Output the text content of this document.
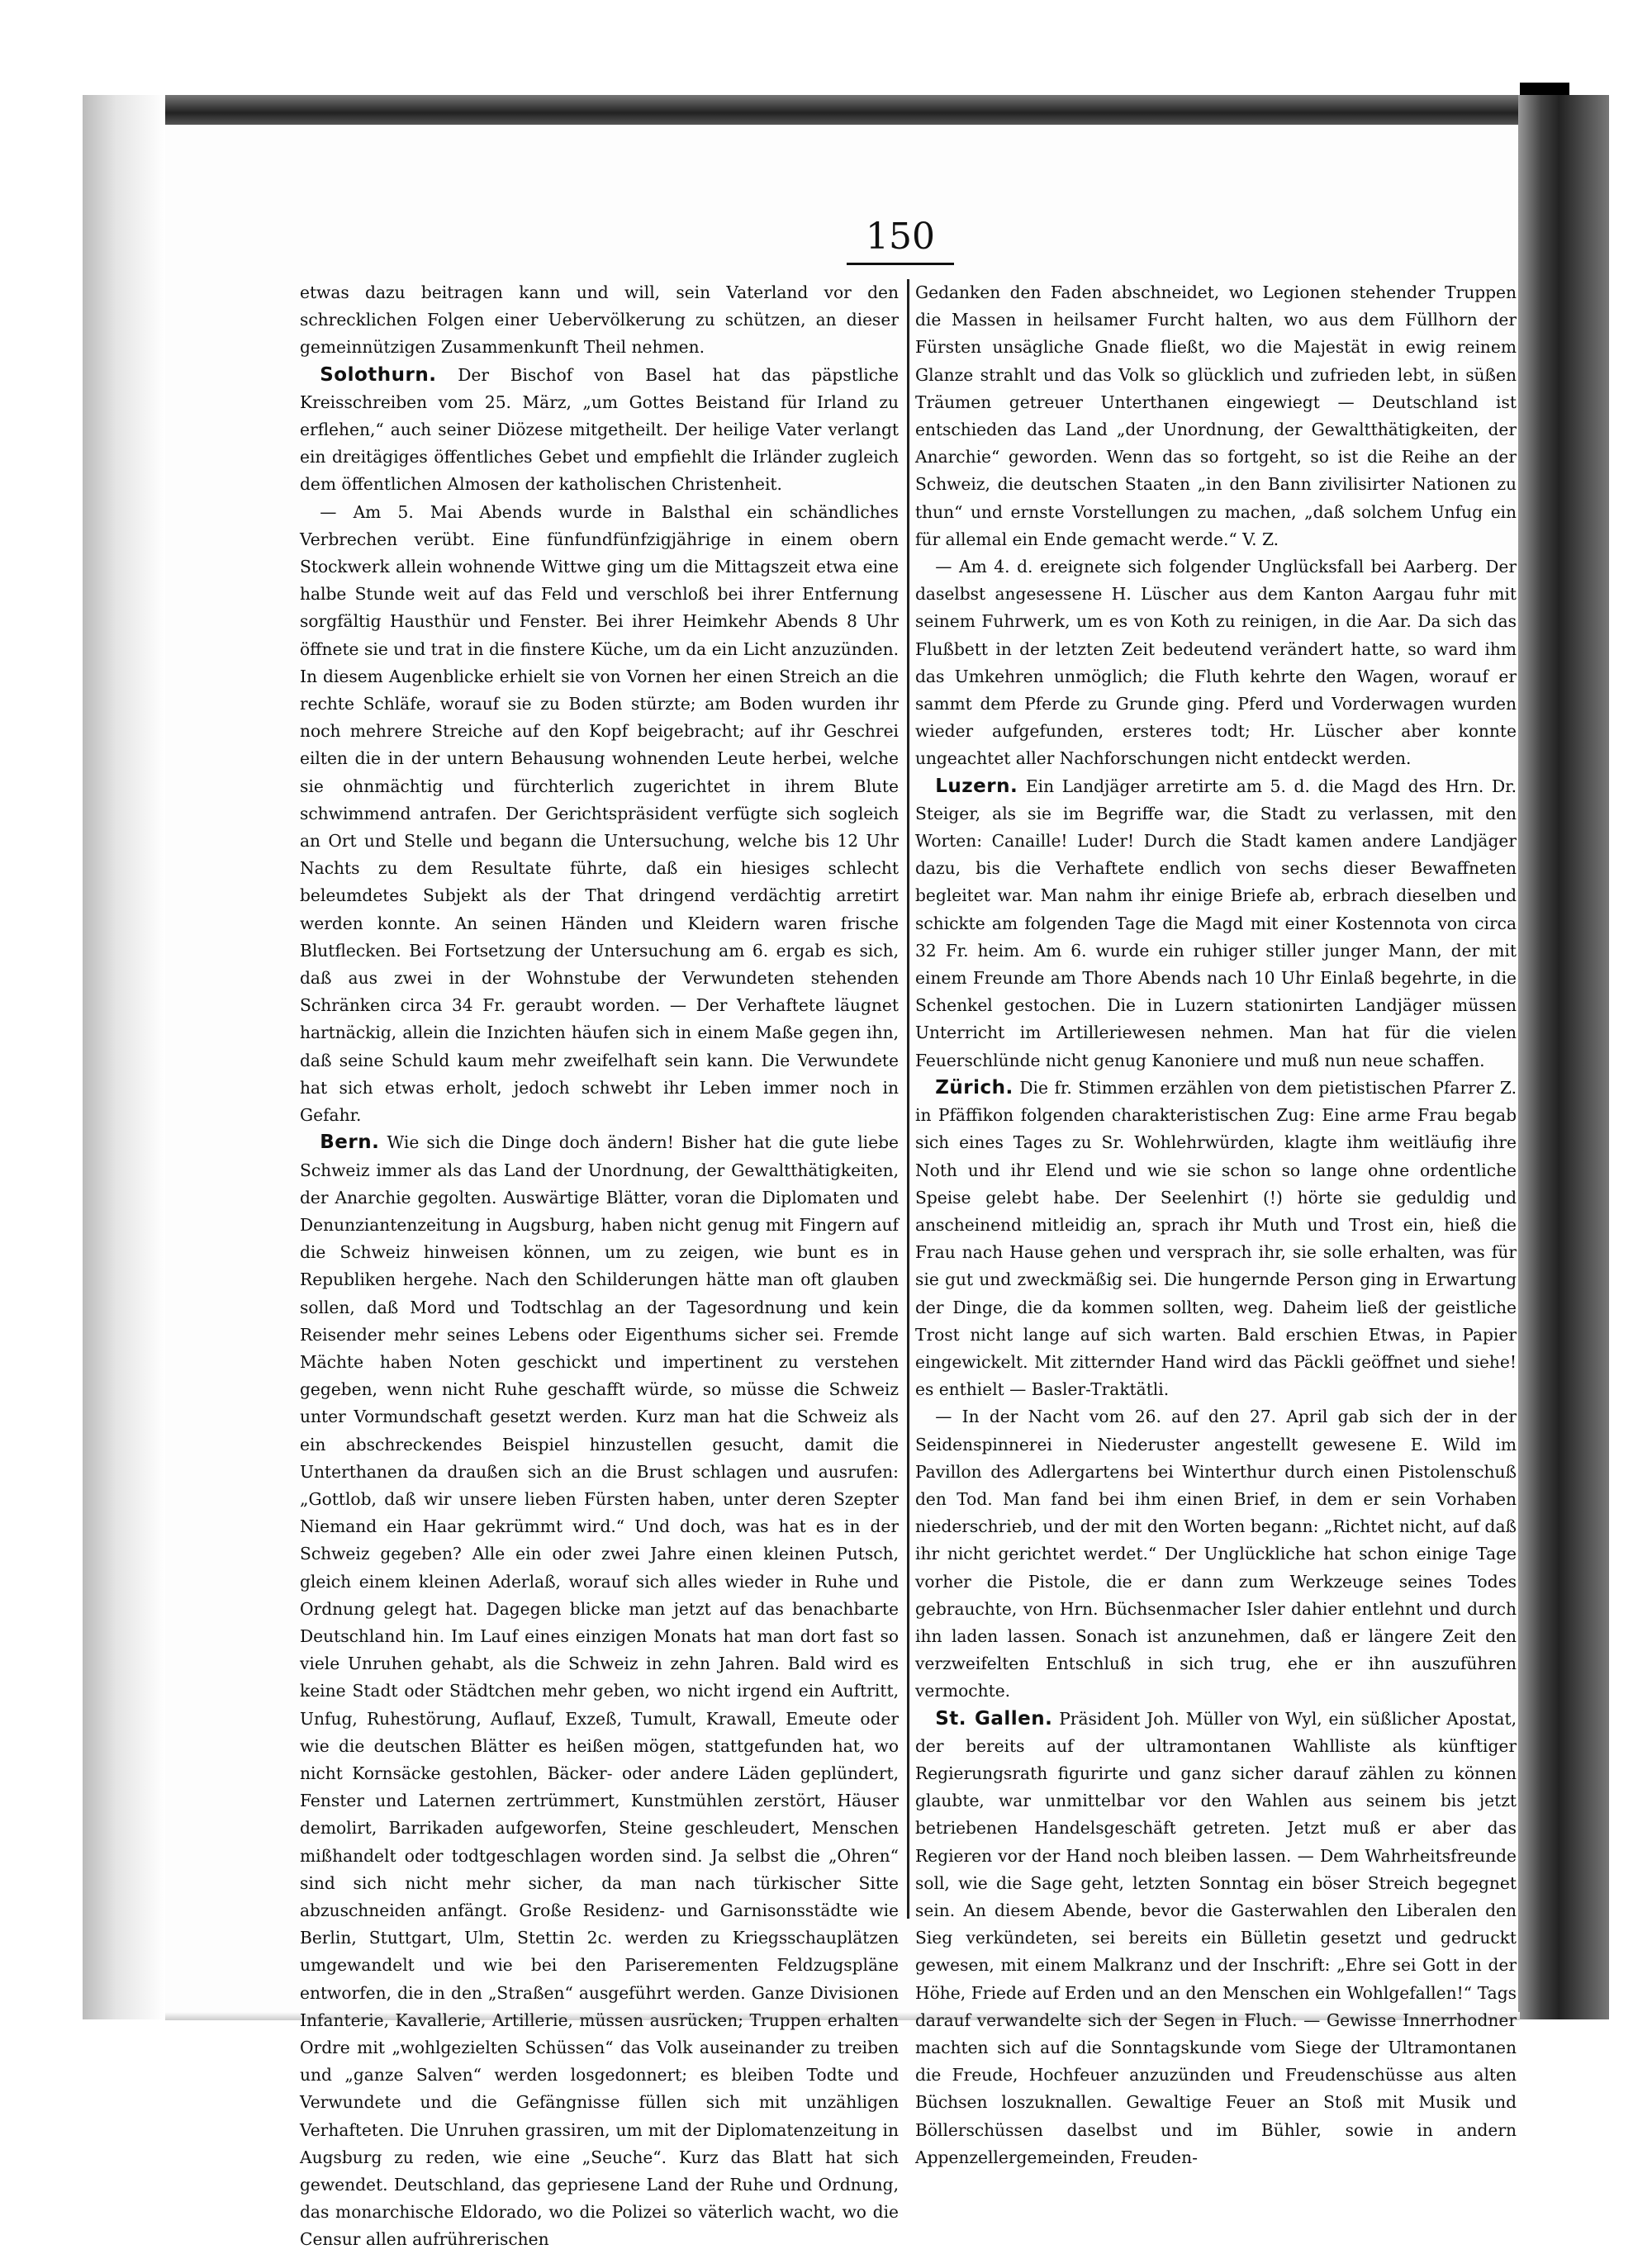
150

etwas dazu beitragen kann und will, sein Vaterland vor den schrecklichen Folgen einer Uebervölkerung zu schützen, an dieser gemeinnützigen Zusammenkunft Theil nehmen.

Solothurn. Der Bischof von Basel hat das päpstliche Kreisschreiben vom 25. März, „um Gottes Beistand für Irland zu erflehen,“ auch seiner Diözese mitgetheilt. Der heilige Vater verlangt ein dreitägiges öffentliches Gebet und empfiehlt die Irländer zugleich dem öffentlichen Almosen der katholischen Christenheit.

— Am 5. Mai Abends wurde in Balsthal ein schändliches Verbrechen verübt. Eine fünfundfünfzigjährige in einem obern Stockwerk allein wohnende Wittwe ging um die Mittagszeit etwa eine halbe Stunde weit auf das Feld und verschloß bei ihrer Entfernung sorgfältig Hausthür und Fenster. Bei ihrer Heimkehr Abends 8 Uhr öffnete sie und trat in die finstere Küche, um da ein Licht anzuzünden. In diesem Augenblicke erhielt sie von Vornen her einen Streich an die rechte Schläfe, worauf sie zu Boden stürzte; am Boden wurden ihr noch mehrere Streiche auf den Kopf beigebracht; auf ihr Geschrei eilten die in der untern Behausung wohnenden Leute herbei, welche sie ohnmächtig und fürchterlich zugerichtet in ihrem Blute schwimmend antrafen. Der Gerichtspräsident verfügte sich sogleich an Ort und Stelle und begann die Untersuchung, welche bis 12 Uhr Nachts zu dem Resultate führte, daß ein hiesiges schlecht beleumdetes Subjekt als der That dringend verdächtig arretirt werden konnte. An seinen Händen und Kleidern waren frische Blutflecken. Bei Fortsetzung der Untersuchung am 6. ergab es sich, daß aus zwei in der Wohnstube der Verwundeten stehenden Schränken circa 34 Fr. geraubt worden. — Der Verhaftete läugnet hartnäckig, allein die Inzichten häufen sich in einem Maße gegen ihn, daß seine Schuld kaum mehr zweifelhaft sein kann. Die Verwundete hat sich etwas erholt, jedoch schwebt ihr Leben immer noch in Gefahr.

Bern. Wie sich die Dinge doch ändern! Bisher hat die gute liebe Schweiz immer als das Land der Unordnung, der Gewaltthätigkeiten, der Anarchie gegolten. Auswärtige Blätter, voran die Diplomaten und Denunziantenzeitung in Augsburg, haben nicht genug mit Fingern auf die Schweiz hinweisen können, um zu zeigen, wie bunt es in Republiken hergehe. Nach den Schilderungen hätte man oft glauben sollen, daß Mord und Todtschlag an der Tagesordnung und kein Reisender mehr seines Lebens oder Eigenthums sicher sei. Fremde Mächte haben Noten geschickt und impertinent zu verstehen gegeben, wenn nicht Ruhe geschafft würde, so müsse die Schweiz unter Vormundschaft gesetzt werden. Kurz man hat die Schweiz als ein abschreckendes Beispiel hinzustellen gesucht, damit die Unterthanen da draußen sich an die Brust schlagen und ausrufen: „Gottlob, daß wir unsere lieben Fürsten haben, unter deren Szepter Niemand ein Haar gekrümmt wird.“ Und doch, was hat es in der Schweiz gegeben? Alle ein oder zwei Jahre einen kleinen Putsch, gleich einem kleinen Aderlaß, worauf sich alles wieder in Ruhe und Ordnung gelegt hat. Dagegen blicke man jetzt auf das benachbarte Deutschland hin. Im Lauf eines einzigen Monats hat man dort fast so viele Unruhen gehabt, als die Schweiz in zehn Jahren. Bald wird es keine Stadt oder Städtchen mehr geben, wo nicht irgend ein Auftritt, Unfug, Ruhestörung, Auflauf, Exzeß, Tumult, Krawall, Emeute oder wie die deutschen Blätter es heißen mögen, stattgefunden hat, wo nicht Kornsäcke gestohlen, Bäcker- oder andere Läden geplündert, Fenster und Laternen zertrümmert, Kunstmühlen zerstört, Häuser demolirt, Barrikaden aufgeworfen, Steine geschleudert, Menschen mißhandelt oder todtgeschlagen worden sind. Ja selbst die „Ohren“ sind sich nicht mehr sicher, da man nach türkischer Sitte abzuschneiden anfängt. Große Residenz- und Garnisonsstädte wie Berlin, Stuttgart, Ulm, Stettin 2c. werden zu Kriegsschauplätzen umgewandelt und wie bei den Pariserementen Feldzugspläne entworfen, die in den „Straßen“ ausgeführt werden. Ganze Divisionen Infanterie, Kavallerie, Artillerie, müssen ausrücken; Truppen erhalten Ordre mit „wohlgezielten Schüssen“ das Volk auseinander zu treiben und „ganze Salven“ werden losgedonnert; es bleiben Todte und Verwundete und die Gefängnisse füllen sich mit unzähligen Verhafteten. Die Unruhen grassiren, um mit der Diplomatenzeitung in Augsburg zu reden, wie eine „Seuche“. Kurz das Blatt hat sich gewendet. Deutschland, das gepriesene Land der Ruhe und Ordnung, das monarchische Eldorado, wo die Polizei so väterlich wacht, wo die Censur allen aufrührerischen

Gedanken den Faden abschneidet, wo Legionen stehender Truppen die Massen in heilsamer Furcht halten, wo aus dem Füllhorn der Fürsten unsägliche Gnade fließt, wo die Majestät in ewig reinem Glanze strahlt und das Volk so glücklich und zufrieden lebt, in süßen Träumen getreuer Unterthanen eingewiegt — Deutschland ist entschieden das Land „der Unordnung, der Gewaltthätigkeiten, der Anarchie“ geworden. Wenn das so fortgeht, so ist die Reihe an der Schweiz, die deutschen Staaten „in den Bann zivilisirter Nationen zu thun“ und ernste Vorstellungen zu machen, „daß solchem Unfug ein für allemal ein Ende gemacht werde.“ V. Z.

— Am 4. d. ereignete sich folgender Unglücksfall bei Aarberg. Der daselbst angesessene H. Lüscher aus dem Kanton Aargau fuhr mit seinem Fuhrwerk, um es von Koth zu reinigen, in die Aar. Da sich das Flußbett in der letzten Zeit bedeutend verändert hatte, so ward ihm das Umkehren unmöglich; die Fluth kehrte den Wagen, worauf er sammt dem Pferde zu Grunde ging. Pferd und Vorderwagen wurden wieder aufgefunden, ersteres todt; Hr. Lüscher aber konnte ungeachtet aller Nachforschungen nicht entdeckt werden.

Luzern. Ein Landjäger arretirte am 5. d. die Magd des Hrn. Dr. Steiger, als sie im Begriffe war, die Stadt zu verlassen, mit den Worten: Canaille! Luder! Durch die Stadt kamen andere Landjäger dazu, bis die Verhaftete endlich von sechs dieser Bewaffneten begleitet war. Man nahm ihr einige Briefe ab, erbrach dieselben und schickte am folgenden Tage die Magd mit einer Kostennota von circa 32 Fr. heim. Am 6. wurde ein ruhiger stiller junger Mann, der mit einem Freunde am Thore Abends nach 10 Uhr Einlaß begehrte, in die Schenkel gestochen. Die in Luzern stationirten Landjäger müssen Unterricht im Artilleriewesen nehmen. Man hat für die vielen Feuerschlünde nicht genug Kanoniere und muß nun neue schaffen.

Zürich. Die fr. Stimmen erzählen von dem pietistischen Pfarrer Z. in Pfäffikon folgenden charakteristischen Zug: Eine arme Frau begab sich eines Tages zu Sr. Wohlehrwürden, klagte ihm weitläufig ihre Noth und ihr Elend und wie sie schon so lange ohne ordentliche Speise gelebt habe. Der Seelenhirt (!) hörte sie geduldig und anscheinend mitleidig an, sprach ihr Muth und Trost ein, hieß die Frau nach Hause gehen und versprach ihr, sie solle erhalten, was für sie gut und zweckmäßig sei. Die hungernde Person ging in Erwartung der Dinge, die da kommen sollten, weg. Daheim ließ der geistliche Trost nicht lange auf sich warten. Bald erschien Etwas, in Papier eingewickelt. Mit zitternder Hand wird das Päckli geöffnet und siehe! es enthielt — Basler-Traktätli.

— In der Nacht vom 26. auf den 27. April gab sich der in der Seidenspinnerei in Niederuster angestellt gewesene E. Wild im Pavillon des Adlergartens bei Winterthur durch einen Pistolenschuß den Tod. Man fand bei ihm einen Brief, in dem er sein Vorhaben niederschrieb, und der mit den Worten begann: „Richtet nicht, auf daß ihr nicht gerichtet werdet.“ Der Unglückliche hat schon einige Tage vorher die Pistole, die er dann zum Werkzeuge seines Todes gebrauchte, von Hrn. Büchsenmacher Isler dahier entlehnt und durch ihn laden lassen. Sonach ist anzunehmen, daß er längere Zeit den verzweifelten Entschluß in sich trug, ehe er ihn auszuführen vermochte.

St. Gallen. Präsident Joh. Müller von Wyl, ein süßlicher Apostat, der bereits auf der ultramontanen Wahlliste als künftiger Regierungsrath figurirte und ganz sicher darauf zählen zu können glaubte, war unmittelbar vor den Wahlen aus seinem bis jetzt betriebenen Handelsgeschäft getreten. Jetzt muß er aber das Regieren vor der Hand noch bleiben lassen. — Dem Wahrheitsfreunde soll, wie die Sage geht, letzten Sonntag ein böser Streich begegnet sein. An diesem Abende, bevor die Gasterwahlen den Liberalen den Sieg verkündeten, sei bereits ein Bülletin gesetzt und gedruckt gewesen, mit einem Malkranz und der Inschrift: „Ehre sei Gott in der Höhe, Friede auf Erden und an den Menschen ein Wohlgefallen!“ Tags darauf verwandelte sich der Segen in Fluch. — Gewisse Innerrhodner machten sich auf die Sonntagskunde vom Siege der Ultramontanen die Freude, Hochfeuer anzuzünden und Freudenschüsse aus alten Büchsen loszuknallen. Gewaltige Feuer an Stoß mit Musik und Böllerschüssen daselbst und im Bühler, sowie in andern Appenzellergemeinden, Freuden-
